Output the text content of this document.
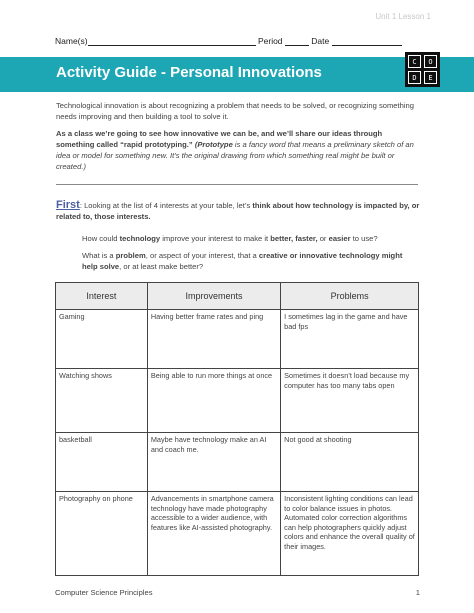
Unit 1 Lesson 1
Name(s)	Period	Date
Activity Guide - Personal Innovations
C	O
D	E
Technological innovation is about recognizing a problem that needs to be solved, or recognizing something needs improving and then building a tool to solve it.
As a class we’re going to see how innovative we can be, and we’ll share our ideas through something called “rapid prototyping.” (Prototype is a fancy word that means a preliminary sketch of an idea or model for something new. It’s the original drawing from which something real might be built or created.)
First: Looking at the list of 4 interests at your table, let’s think about how technology is impacted by, or related to, those interests.
How could technology improve your interest to make it better, faster, or easier to use?
What is a problem, or aspect of your interest, that a creative or innovative technology might help solve, or at least make better?
Interest	Improvements	Problems
Gaming	Having better frame rates and ping	I sometimes lag in the game and have bad fps
Watching shows	Being able to run more things at once	Sometimes it doesn’t load because my computer has too many tabs open
basketball	Maybe have technology make an AI and coach me.	Not good at shooting
Photography on phone	Advancements in smartphone camera technology have made photography accessible to a wider audience, with features like AI-assisted photography.	Inconsistent lighting conditions can lead to color balance issues in photos. Automated color correction algorithms can help photographers quickly adjust colors and enhance the overall quality of their images.
Computer Science Principles	1
